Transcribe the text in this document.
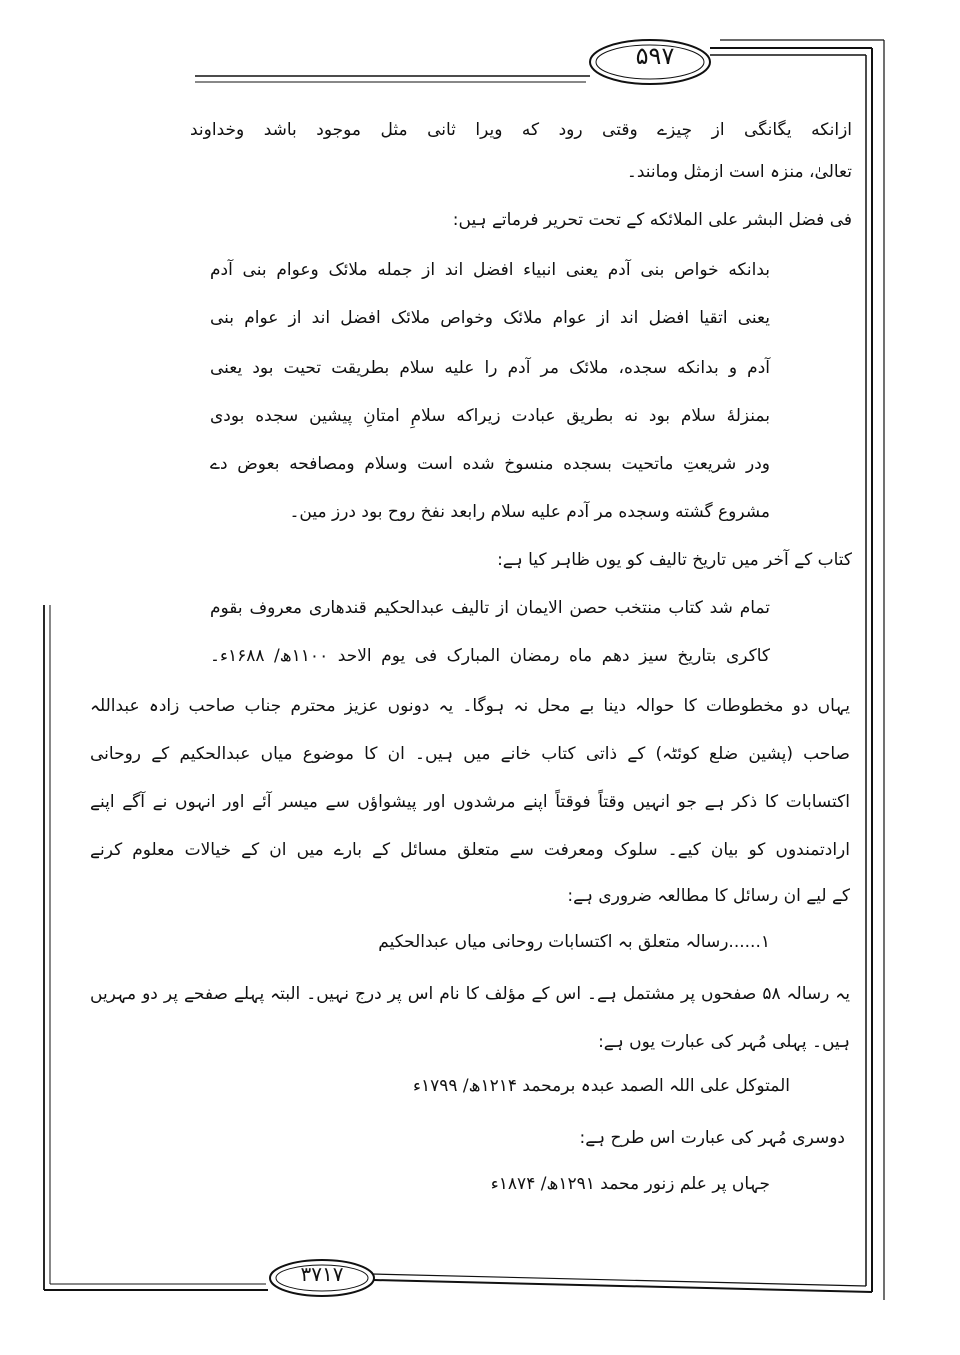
۵۹۷
۳۷۱۷
ازانکه یگانگی از چیزے وقتی رود که ویرا ثانی مثل موجود باشد وخداوند
تعالیٰ، منزہ است ازمثل ومانند۔
فی فضل البشر علی الملائکه کے تحت تحریر فرماتے ہیں:
بدانکه خواص بنی آدم یعنی انبیاء افضل اند از جمله ملائک وعوام بنی آدم
یعنی اتقیا افضل اند از عوام ملائک وخواص ملائک افضل اند از عوام بنی
آدم و بدانکه سجده، ملائک مر آدم را علیه سلام بطریقت تحیت بود یعنی
بمنزلهٔ سلام بود نه بطریق عبادت زیراکه سلامِ امتانِ پیشین سجده بودی
ودر شریعتِ ماتحیت بسجده منسوخ شده است وسلام ومصافحه بعوض دے
مشروع گشته وسجده مر آدم علیه سلام رابعد نفخ روح بود درز مین۔
کتاب کے آخر میں تاریخ تالیف کو یوں ظاہر کیا ہے:
تمام شد کتاب منتخب حصن الایمان از تالیف عبدالحکیم قندهاری معروف بقوم
کاکری بتاریخ سیز دهم ماه رمضان المبارک فی یوم الاحد ۱۱۰۰ھ/ ۱۶۸۸ء۔
یہاں دو مخطوطات کا حوالہ دینا بے محل نہ ہوگا۔ یہ دونوں عزیز محترم جناب صاحب زادہ عبداللہ
صاحب (پشین ضلع کوئٹہ) کے ذاتی کتاب خانے میں ہیں۔ ان کا موضوع میاں عبدالحکیم کے روحانی
اکتسابات کا ذکر ہے جو انہیں وقتاً فوقتاً اپنے مرشدوں اور پیشواؤں سے میسر آئے اور انہوں نے آگے اپنے
ارادتمندوں کو بیان کیے۔ سلوک ومعرفت سے متعلق مسائل کے بارے میں ان کے خیالات معلوم کرنے
کے لیے ان رسائل کا مطالعہ ضروری ہے:
۱......رسالہ متعلق بہ اکتسابات روحانی میاں عبدالحکیم
یہ رسالہ ۵۸ صفحوں پر مشتمل ہے۔ اس کے مؤلف کا نام اس پر درج نہیں۔ البتہ پہلے صفحے پر دو مہریں
ہیں۔ پہلی مُہر کی عبارت یوں ہے:
المتوکل علی اللہ الصمد عبدہ برمحمد ۱۲۱۴ھ/ ۱۷۹۹ء
دوسری مُہر کی عبارت اس طرح ہے:
جہاں پر علم زنور محمد ۱۲۹۱ھ/ ۱۸۷۴ء
